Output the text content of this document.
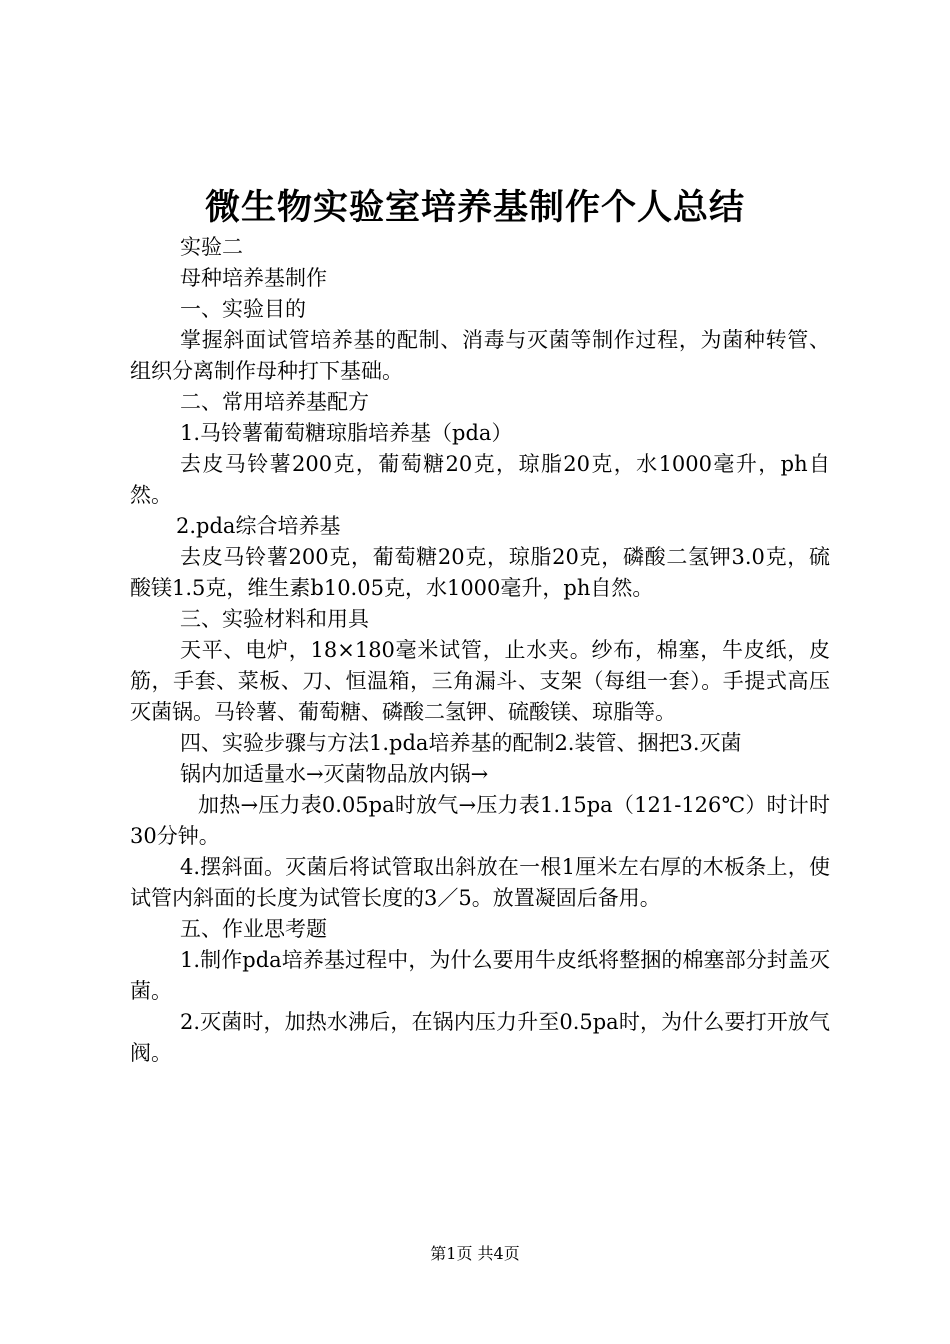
微生物实验室培养基制作个人总结

实验二

母种培养基制作

一、实验目的

掌握斜面试管培养基的配制、消毒与灭菌等制作过程，为菌种转管、组织分离制作母种打下基础。

二、常用培养基配方

1.马铃薯葡萄糖琼脂培养基（pda）

去皮马铃薯200克，葡萄糖20克，琼脂20克，水1000毫升，ph自然。

2.pda综合培养基

去皮马铃薯200克，葡萄糖20克，琼脂20克，磷酸二氢钾3.0克，硫酸镁1.5克，维生素b10.05克，水1000毫升，ph自然。

三、实验材料和用具

天平、电炉，18×180毫米试管，止水夹。纱布，棉塞，牛皮纸，皮筋，手套、菜板、刀、恒温箱，三角漏斗、支架（每组一套）。手提式高压灭菌锅。马铃薯、葡萄糖、磷酸二氢钾、硫酸镁、琼脂等。

四、实验步骤与方法1.pda培养基的配制2.装管、捆把3.灭菌

锅内加适量水→灭菌物品放内锅→

加热→压力表0.05pa时放气→压力表1.15pa（121-126℃）时计时30分钟。

4.摆斜面。灭菌后将试管取出斜放在一根1厘米左右厚的木板条上，使试管内斜面的长度为试管长度的3／5。放置凝固后备用。

五、作业思考题

1.制作pda培养基过程中，为什么要用牛皮纸将整捆的棉塞部分封盖灭菌。

2.灭菌时，加热水沸后，在锅内压力升至0.5pa时，为什么要打开放气阀。

第1页 共4页
